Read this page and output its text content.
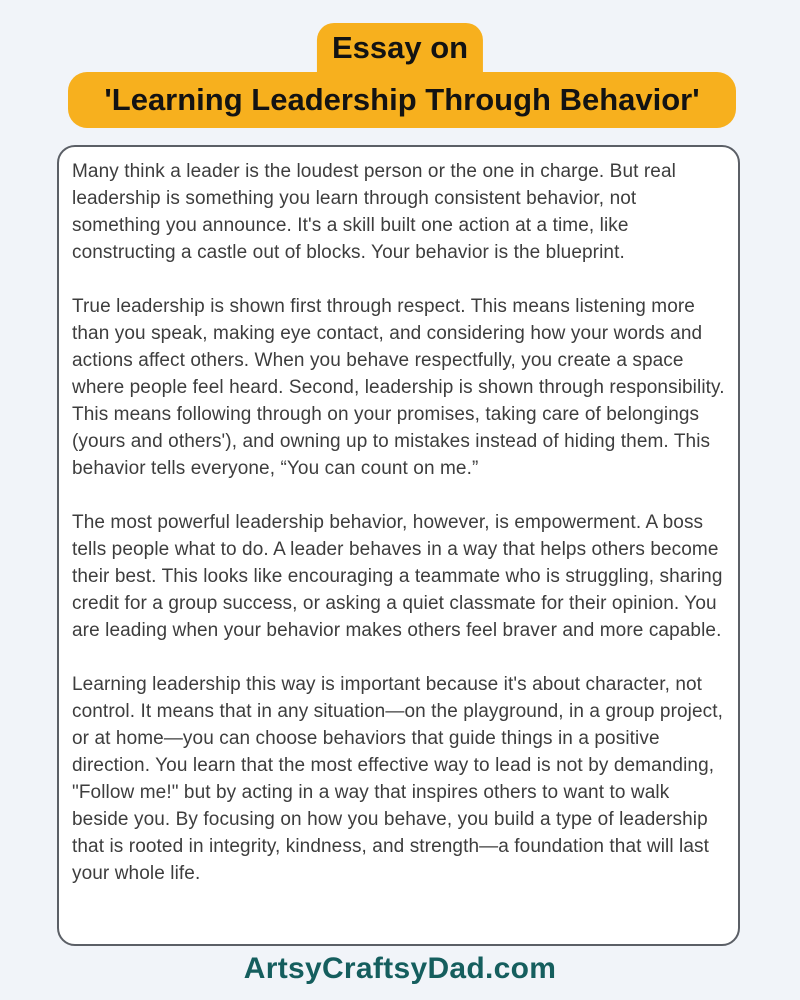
Essay on
'Learning Leadership Through Behavior'

Many think a leader is the loudest person or the one in charge. But real leadership is something you learn through consistent behavior, not something you announce. It's a skill built one action at a time, like constructing a castle out of blocks. Your behavior is the blueprint.

True leadership is shown first through respect. This means listening more than you speak, making eye contact, and considering how your words and actions affect others. When you behave respectfully, you create a space where people feel heard. Second, leadership is shown through responsibility. This means following through on your promises, taking care of belongings (yours and others'), and owning up to mistakes instead of hiding them. This behavior tells everyone, “You can count on me.”

The most powerful leadership behavior, however, is empowerment. A boss tells people what to do. A leader behaves in a way that helps others become their best. This looks like encouraging a teammate who is struggling, sharing credit for a group success, or asking a quiet classmate for their opinion. You are leading when your behavior makes others feel braver and more capable.

Learning leadership this way is important because it's about character, not control. It means that in any situation—on the playground, in a group project, or at home—you can choose behaviors that guide things in a positive direction. You learn that the most effective way to lead is not by demanding, "Follow me!" but by acting in a way that inspires others to want to walk beside you. By focusing on how you behave, you build a type of leadership that is rooted in integrity, kindness, and strength—a foundation that will last your whole life.

ArtsyCraftsyDad.com
